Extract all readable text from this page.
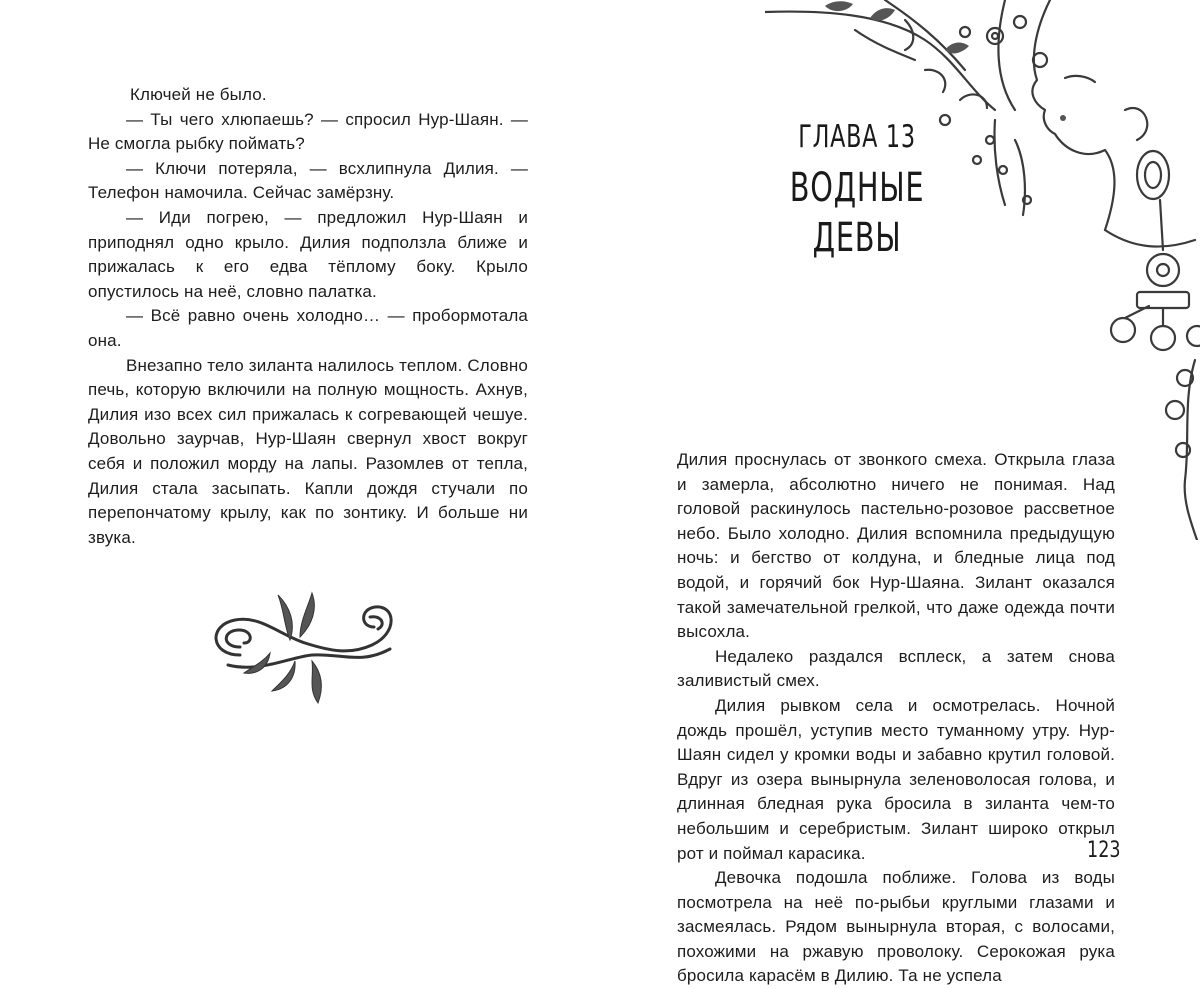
Ключей не было.

— Ты чего хлюпаешь? — спросил Нур-Шаян. — Не смогла рыбку поймать?

— Ключи потеряла, — всхлипнула Дилия. — Телефон намочила. Сейчас замёрзну.

— Иди погрею, — предложил Нур-Шаян и приподнял одно крыло. Дилия подползла ближе и прижалась к его едва тёплому боку. Крыло опустилось на неё, словно палатка.

— Всё равно очень холодно… — пробормотала она.

Внезапно тело зиланта налилось теплом. Словно печь, которую включили на полную мощность. Ахнув, Дилия изо всех сил прижалась к согревающей чешуе. Довольно заурчав, Нур-Шаян свернул хвост вокруг себя и положил морду на лапы. Разомлев от тепла, Дилия стала засыпать. Капли дождя стучали по перепончатому крылу, как по зонтику. И больше ни звука.

ГЛАВА 13
ВОДНЫЕ ДЕВЫ

Дилия проснулась от звонкого смеха. Открыла глаза и замерла, абсолютно ничего не понимая. Над головой раскинулось пастельно-розовое рассветное небо. Было холодно. Дилия вспомнила предыдущую ночь: и бегство от колдуна, и бледные лица под водой, и горячий бок Нур-Шаяна. Зилант оказался такой замечательной грелкой, что даже одежда почти высохла.

Недалеко раздался всплеск, а затем снова заливистый смех.

Дилия рывком села и осмотрелась. Ночной дождь прошёл, уступив место туманному утру. Нур-Шаян сидел у кромки воды и забавно крутил головой. Вдруг из озера вынырнула зеленоволосая голова, и длинная бледная рука бросила в зиланта чем-то небольшим и серебристым. Зилант широко открыл рот и поймал карасика.

Девочка подошла поближе. Голова из воды посмотрела на неё по-рыбьи круглыми глазами и засмеялась. Рядом вынырнула вторая, с волосами, похожими на ржавую проволоку. Серокожая рука бросила карасём в Дилию. Та не успела

123
